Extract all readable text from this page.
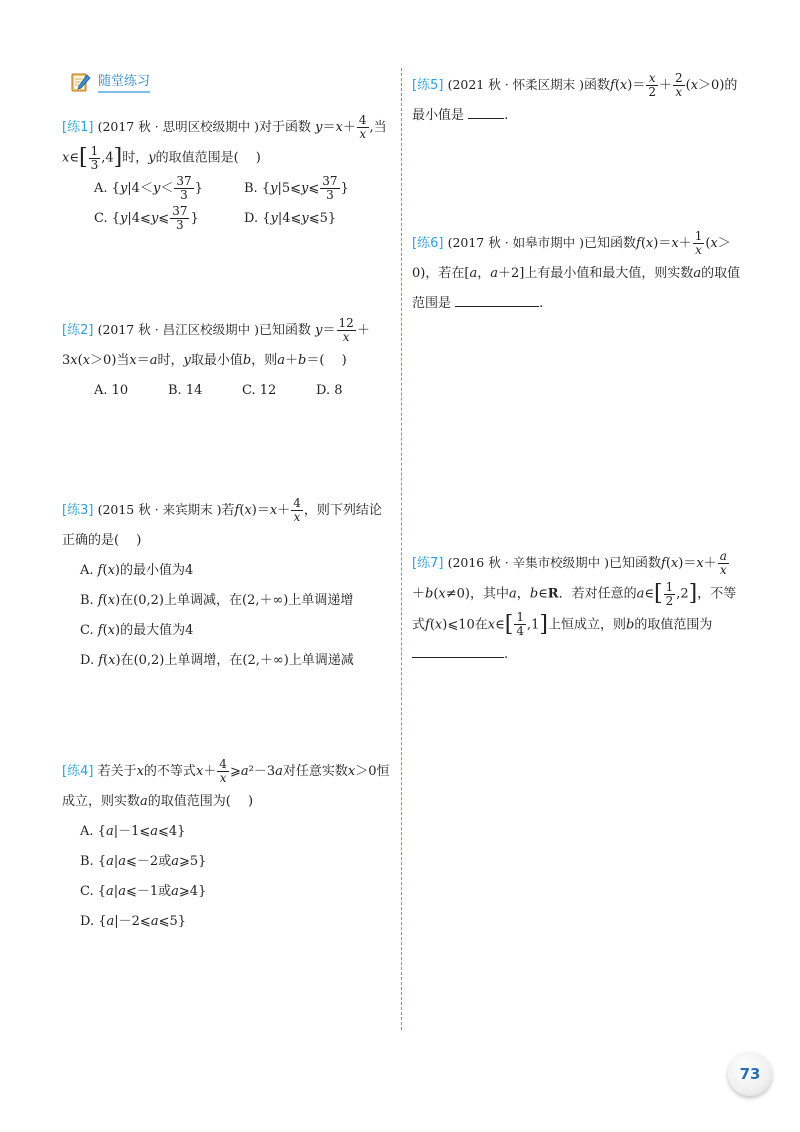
随堂练习
[练1] (2017 秋 · 思明区校级期中 )对于函数 $y=x+ \frac{4}{x}$ ,当x∈[ $\frac{1}{3} ,4$]时，y的取值范围是(　 )
A. {$y|4<y< \frac{37}{3}$ }	B. {y|5⩽y⩽ $\frac{37}{3}$ }
C. {y|4⩽y⩽ $\frac{37}{3}$ }	D. {y|4⩽y⩽5}
[练2] (2017 秋 · 昌江区校级期中 )已知函数 $y= \frac{12}{x} +3x(x>0)$当x＝a时，y取最小值b，则a＋b＝(　 )
A. 10	B. 14	C. 12	D. 8
[练3] (2015 秋 · 来宾期末 )若$f(x)=x+ \frac{4}{x}$ ，则下列结论正确的是(　 )
A. f(x)的最小值为4
B. f(x)在(0,2)上单调减，在(2,＋∞)上单调递增
C. f(x)的最大值为4
D. f(x)在(0,2)上单调增，在(2,＋∞)上单调递减
[练4] 若关于x的不等式$x+ \frac{4}{x}$ ⩾a²－3a对任意实数x＞0恒成立，则实数a的取值范围为(　 )
A. {a|－1⩽a⩽4}
B. {a|a⩽－2或a⩾5}
C. {a|a⩽－1或a⩾4}
D. {a|－2⩽a⩽5}
[练5] (2021 秋 · 怀柔区期末 )函数$f(x)= \frac{x}{2} + \frac{2}{x} (x>0)$的最小值是	.
[练6] (2017 秋 · 如皋市期中 )已知函数$f(x)=x+ \frac{1}{x} (x>0)$，若在[a，a＋2]上有最小值和最大值，则实数a的取值范围是	.
[练7] (2016 秋 · 辛集市校级期中 )已知函数$f(x)=x+ \frac{a}{x}$
＋b(x≠0)，其中a，b∈R．若对任意的a∈[ $\frac{1}{2} ,2$]，不等式f(x)⩽10在x∈[ $\frac{1}{4} ,1$]上恒成立，则b的取值范围为 .
73
